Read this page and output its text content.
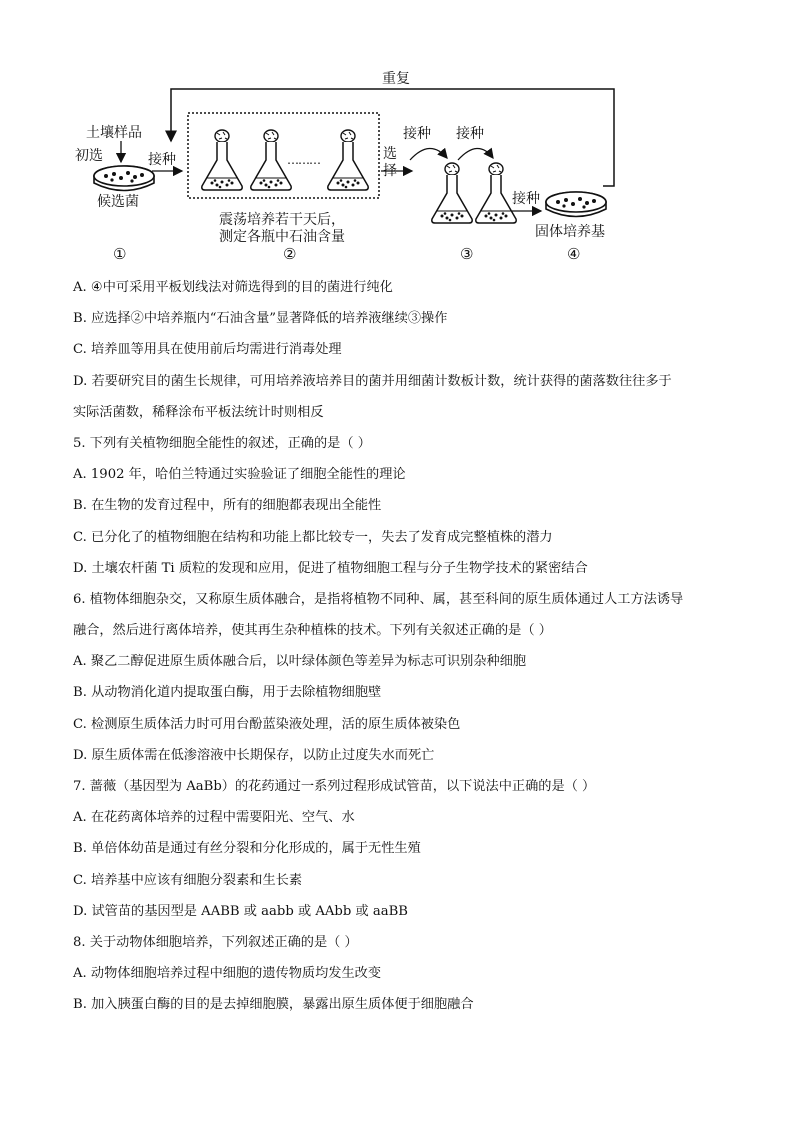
重复
土壤样品
初选
候选菌
①
接种	………
震荡培养若干天后，
测定各瓶中石油含量
②
选
择
接种 接种
③
接种
固体培养基
④
A. ④中可采用平板划线法对筛选得到的目的菌进行纯化
B. 应选择②中培养瓶内“石油含量”显著降低的培养液继续③操作
C. 培养皿等用具在使用前后均需进行消毒处理
D. 若要研究目的菌生长规律，可用培养液培养目的菌并用细菌计数板计数，统计获得的菌落数往往多于
实际活菌数，稀释涂布平板法统计时则相反
5. 下列有关植物细胞全能性的叙述，正确的是（ ）
A. 1902 年，哈伯兰特通过实验验证了细胞全能性的理论
B. 在生物的发育过程中，所有的细胞都表现出全能性
C. 已分化了的植物细胞在结构和功能上都比较专一，失去了发育成完整植株的潜力
D. 土壤农杆菌 Ti 质粒的发现和应用，促进了植物细胞工程与分子生物学技术的紧密结合
6. 植物体细胞杂交，又称原生质体融合，是指将植物不同种、属，甚至科间的原生质体通过人工方法诱导
融合，然后进行离体培养，使其再生杂种植株的技术。下列有关叙述正确的是（ ）
A. 聚乙二醇促进原生质体融合后，以叶绿体颜色等差异为标志可识别杂种细胞
B. 从动物消化道内提取蛋白酶，用于去除植物细胞壁
C. 检测原生质体活力时可用台酚蓝染液处理，活的原生质体被染色
D. 原生质体需在低渗溶液中长期保存，以防止过度失水而死亡
7. 蔷薇（基因型为 AaBb）的花药通过一系列过程形成试管苗，以下说法中正确的是（ ）
A. 在花药离体培养的过程中需要阳光、空气、水
B. 单倍体幼苗是通过有丝分裂和分化形成的，属于无性生殖
C. 培养基中应该有细胞分裂素和生长素
D. 试管苗的基因型是 AABB 或 aabb 或 AAbb 或 aaBB
8. 关于动物体细胞培养，下列叙述正确的是（ ）
A. 动物体细胞培养过程中细胞的遗传物质均发生改变
B. 加入胰蛋白酶的目的是去掉细胞膜，暴露出原生质体便于细胞融合
